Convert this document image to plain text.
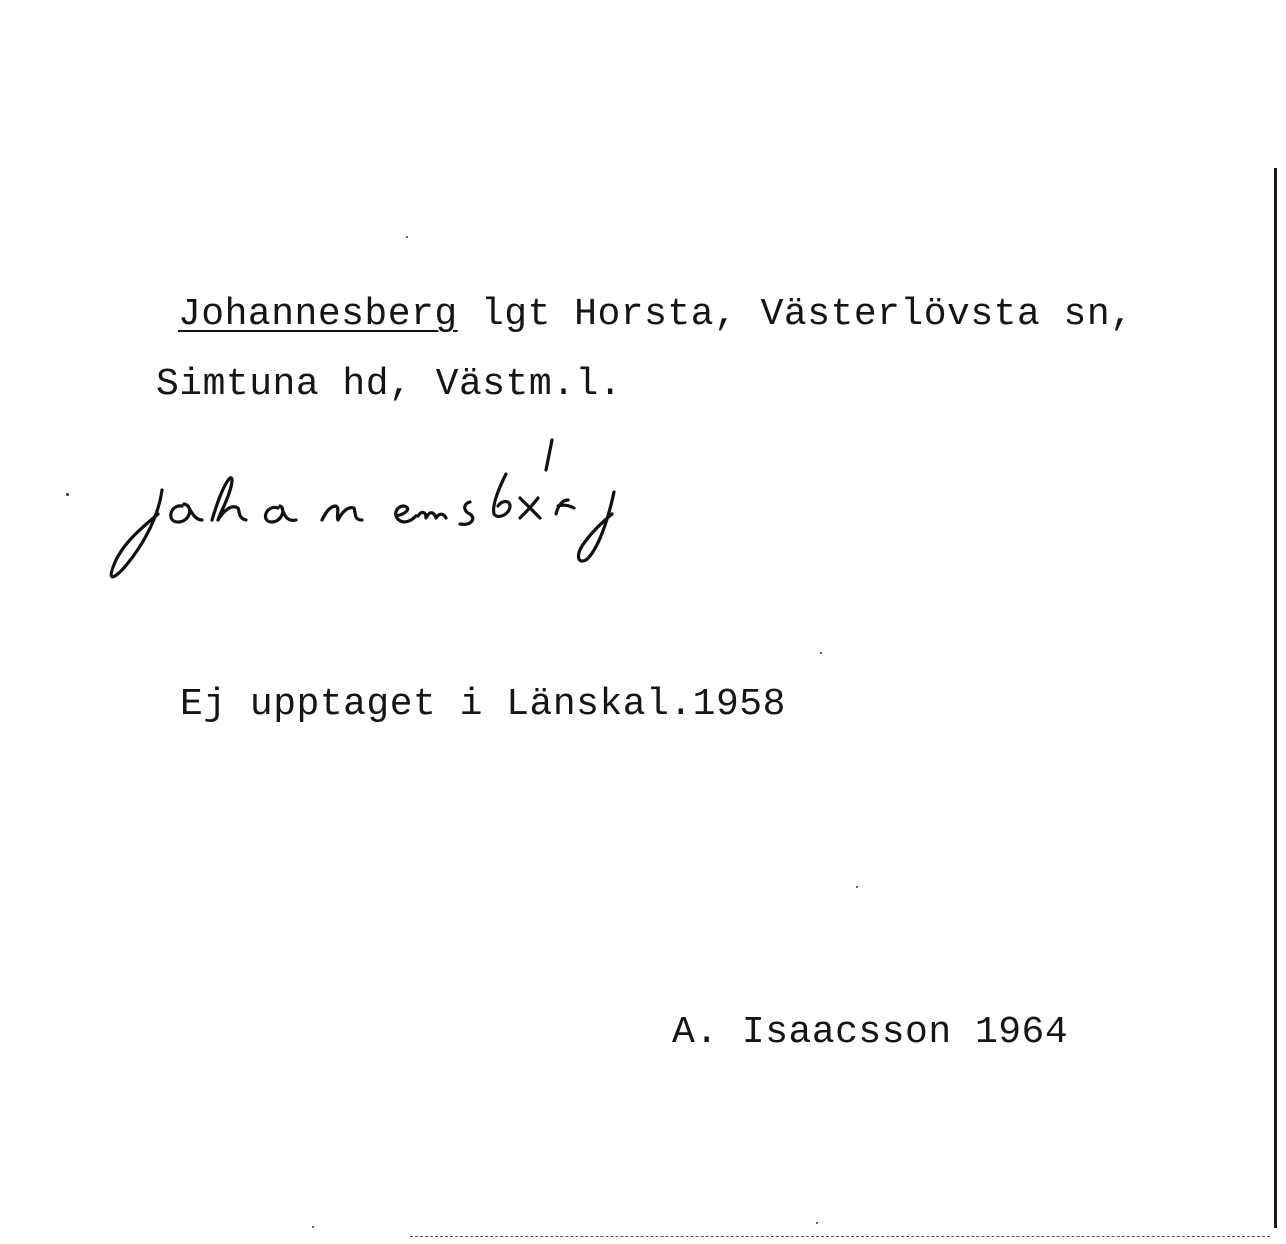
Johannesberg lgt Horsta, Västerlövsta sn,
Simtuna hd, Västm.l.
Ej upptaget i Länskal.1958
A. Isaacsson 1964
